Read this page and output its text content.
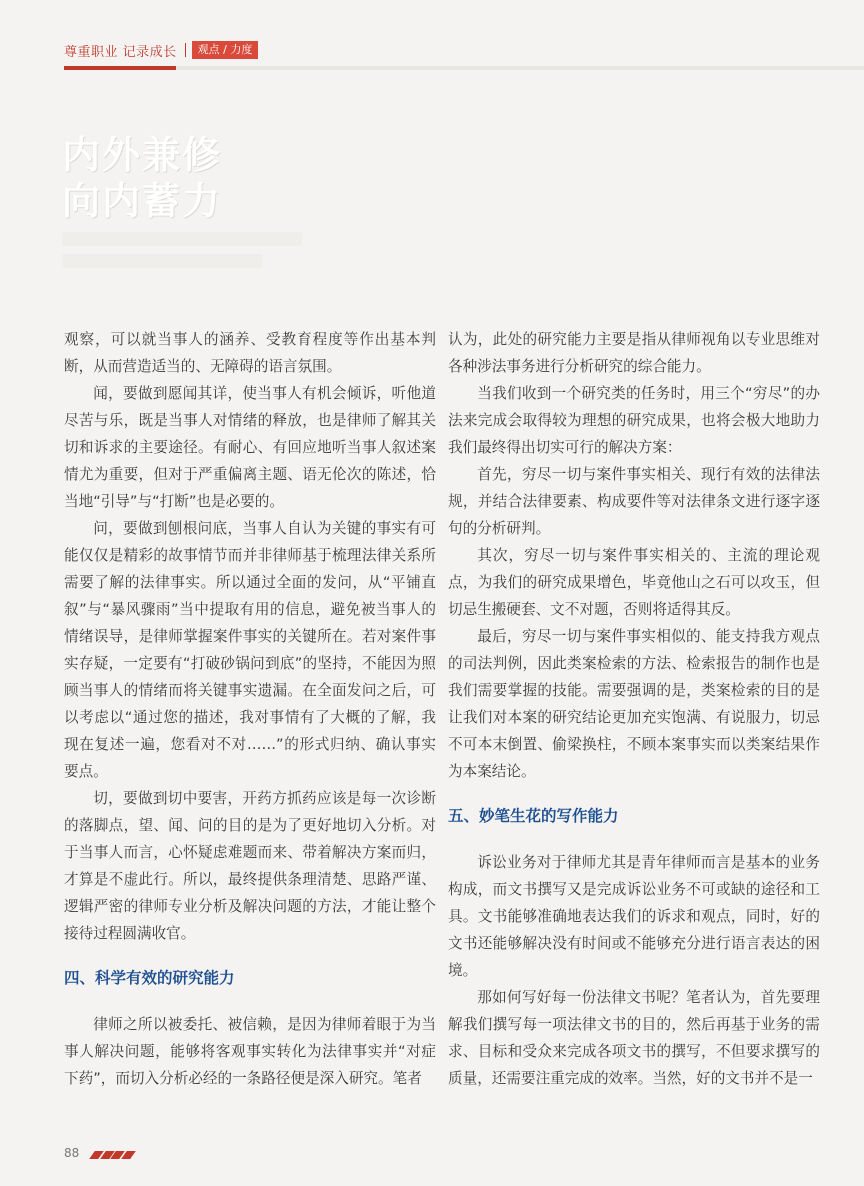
尊重职业 记录成长	观点 / 力度
内外兼修
向内蓄力

观察，可以就当事人的涵养、受教育程度等作出基本判断，从而营造适当的、无障碍的语言氛围。

闻，要做到愿闻其详，使当事人有机会倾诉，听他道尽苦与乐，既是当事人对情绪的释放，也是律师了解其关切和诉求的主要途径。有耐心、有回应地听当事人叙述案情尤为重要，但对于严重偏离主题、语无伦次的陈述，恰当地“引导”与“打断”也是必要的。

问，要做到刨根问底，当事人自认为关键的事实有可能仅仅是精彩的故事情节而并非律师基于梳理法律关系所需要了解的法律事实。所以通过全面的发问，从“平铺直叙”与“暴风骤雨”当中提取有用的信息，避免被当事人的情绪误导，是律师掌握案件事实的关键所在。若对案件事实存疑，一定要有“打破砂锅问到底”的坚持，不能因为照顾当事人的情绪而将关键事实遗漏。在全面发问之后，可以考虑以“通过您的描述，我对事情有了大概的了解，我现在复述一遍，您看对不对……”的形式归纳、确认事实要点。

切，要做到切中要害，开药方抓药应该是每一次诊断的落脚点，望、闻、问的目的是为了更好地切入分析。对于当事人而言，心怀疑虑难题而来、带着解决方案而归，才算是不虚此行。所以，最终提供条理清楚、思路严谨、逻辑严密的律师专业分析及解决问题的方法，才能让整个接待过程圆满收官。

四、科学有效的研究能力

律师之所以被委托、被信赖，是因为律师着眼于为当事人解决问题，能够将客观事实转化为法律事实并“对症下药”，而切入分析必经的一条路径便是深入研究。笔者

认为，此处的研究能力主要是指从律师视角以专业思维对各种涉法事务进行分析研究的综合能力。

当我们收到一个研究类的任务时，用三个“穷尽”的办法来完成会取得较为理想的研究成果，也将会极大地助力我们最终得出切实可行的解决方案：

首先，穷尽一切与案件事实相关、现行有效的法律法规，并结合法律要素、构成要件等对法律条文进行逐字逐句的分析研判。

其次，穷尽一切与案件事实相关的、主流的理论观点，为我们的研究成果增色，毕竟他山之石可以攻玉，但切忌生搬硬套、文不对题，否则将适得其反。

最后，穷尽一切与案件事实相似的、能支持我方观点的司法判例，因此类案检索的方法、检索报告的制作也是我们需要掌握的技能。需要强调的是，类案检索的目的是让我们对本案的研究结论更加充实饱满、有说服力，切忌不可本末倒置、偷梁换柱，不顾本案事实而以类案结果作为本案结论。

五、妙笔生花的写作能力

诉讼业务对于律师尤其是青年律师而言是基本的业务构成，而文书撰写又是完成诉讼业务不可或缺的途径和工具。文书能够准确地表达我们的诉求和观点，同时，好的文书还能够解决没有时间或不能够充分进行语言表达的困境。

那如何写好每一份法律文书呢？笔者认为，首先要理解我们撰写每一项法律文书的目的，然后再基于业务的需求、目标和受众来完成各项文书的撰写，不但要求撰写的质量，还需要注重完成的效率。当然，好的文书并不是一

88
